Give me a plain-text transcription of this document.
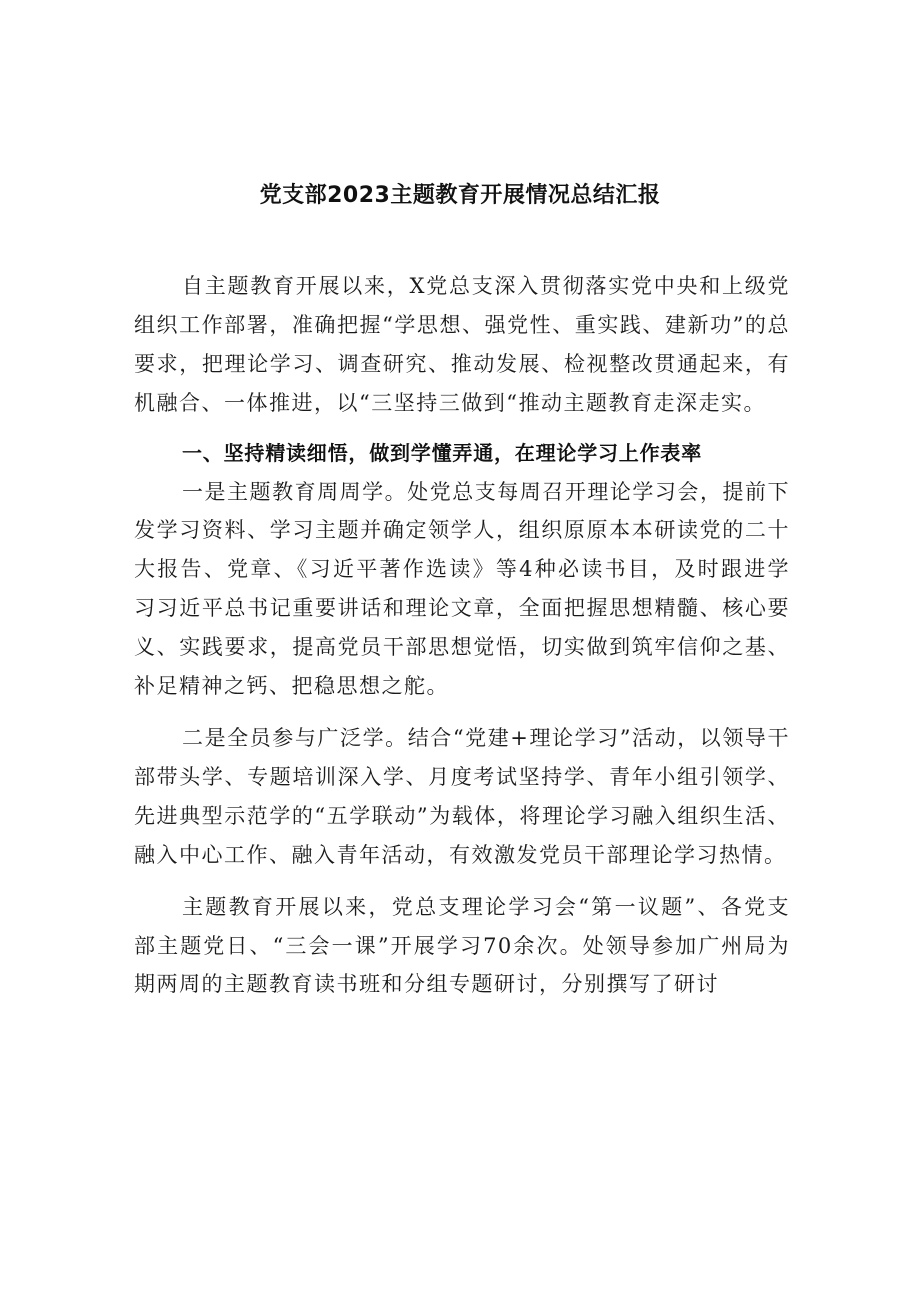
党支部2023主题教育开展情况总结汇报

自主题教育开展以来，X党总支深入贯彻落实党中央和上级党组织工作部署，准确把握“学思想、强党性、重实践、建新功”的总要求，把理论学习、调查研究、推动发展、检视整改贯通起来，有机融合、一体推进，以“三坚持三做到“推动主题教育走深走实。

一、坚持精读细悟，做到学懂弄通，在理论学习上作表率

一是主题教育周周学。处党总支每周召开理论学习会，提前下发学习资料、学习主题并确定领学人，组织原原本本研读党的二十大报告、党章、《习近平著作选读》等4种必读书目，及时跟进学习习近平总书记重要讲话和理论文章，全面把握思想精髓、核心要义、实践要求，提高党员干部思想觉悟，切实做到筑牢信仰之基、补足精神之钙、把稳思想之舵。

二是全员参与广泛学。结合“党建+理论学习”活动，以领导干部带头学、专题培训深入学、月度考试坚持学、青年小组引领学、先进典型示范学的“五学联动”为载体，将理论学习融入组织生活、融入中心工作、融入青年活动，有效激发党员干部理论学习热情。

主题教育开展以来，党总支理论学习会“第一议题”、各党支部主题党日、“三会一课”开展学习70余次。处领导参加广州局为期两周的主题教育读书班和分组专题研讨，分别撰写了研讨
